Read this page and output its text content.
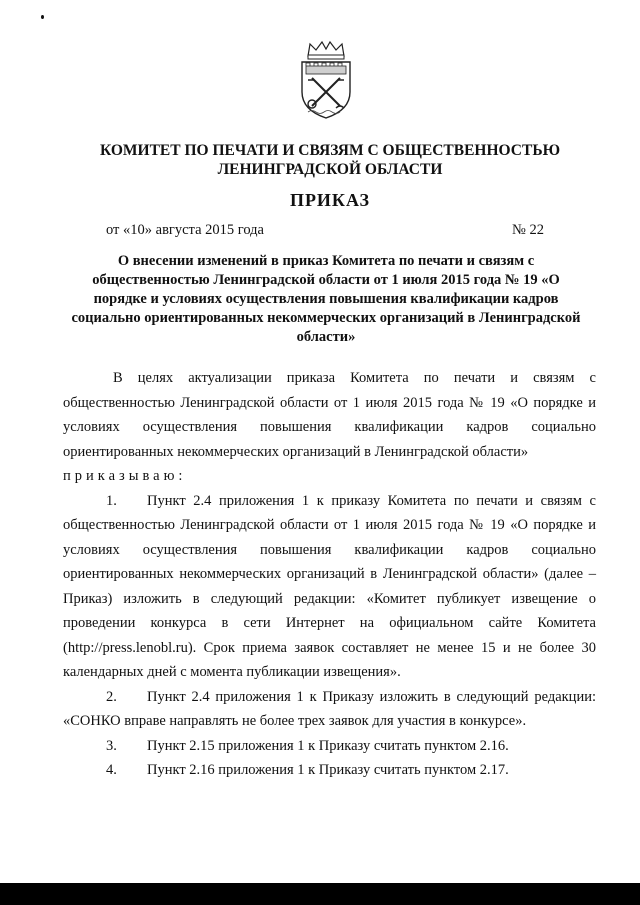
КОМИТЕТ ПО ПЕЧАТИ И СВЯЗЯМ С ОБЩЕСТВЕННОСТЬЮ ЛЕНИНГРАДСКОЙ ОБЛАСТИ
ПРИКАЗ
от «10» августа 2015 года	№ 22
О внесении изменений в приказ Комитета по печати и связям с общественностью Ленинградской области от 1 июля 2015 года № 19 «О порядке и условиях осуществления повышения квалификации кадров социально ориентированных некоммерческих организаций в Ленинградской области»

В целях актуализации приказа Комитета по печати и связям с общественностью Ленинградской области от 1 июля 2015 года № 19 «О порядке и условиях осуществления повышения квалификации кадров социально ориентированных некоммерческих организаций в Ленинградской области»

приказываю:

1. Пункт 2.4 приложения 1 к приказу Комитета по печати и связям с общественностью Ленинградской области от 1 июля 2015 года № 19 «О порядке и условиях осуществления повышения квалификации кадров социально ориентированных некоммерческих организаций в Ленинградской области» (далее – Приказ) изложить в следующий редакции: «Комитет публикует извещение о проведении конкурса в сети Интернет на официальном сайте Комитета (http://press.lenobl.ru). Срок приема заявок составляет не менее 15 и не более 30 календарных дней с момента публикации извещения».

2. Пункт 2.4 приложения 1 к Приказу изложить в следующий редакции: «СОНКО вправе направлять не более трех заявок для участия в конкурсе».

3. Пункт 2.15 приложения 1 к Приказу считать пунктом 2.16.

4. Пункт 2.16 приложения 1 к Приказу считать пунктом 2.17.
